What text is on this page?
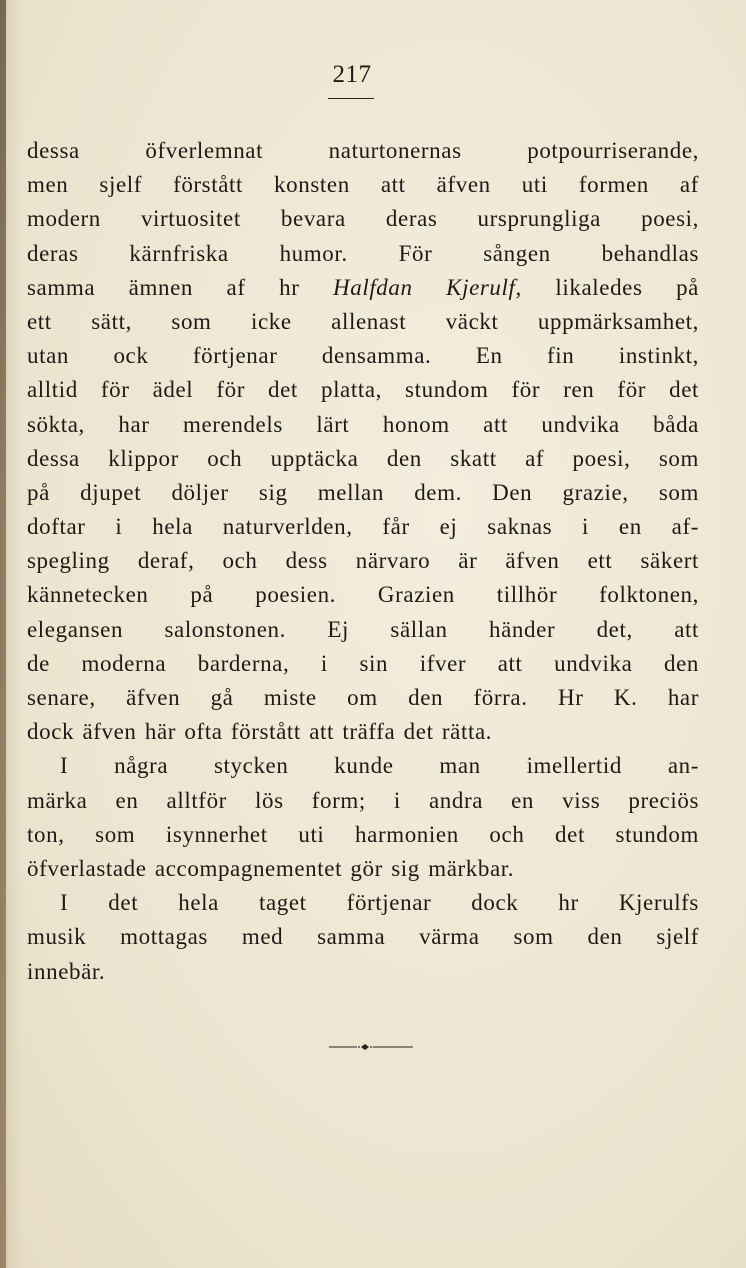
217
dessa öfverlemnat naturtonernas potpourriserande,
men sjelf förstått konsten att äfven uti formen af
modern virtuositet bevara deras ursprungliga poesi,
deras kärnfriska humor. För sången behandlas
samma ämnen af hr Halfdan Kjerulf, likaledes på
ett sätt, som icke allenast väckt uppmärksamhet,
utan ock förtjenar densamma. En fin instinkt,
alltid för ädel för det platta, stundom för ren för det
sökta, har merendels lärt honom att undvika båda
dessa klippor och upptäcka den skatt af poesi, som
på djupet döljer sig mellan dem. Den grazie, som
doftar i hela naturverlden, får ej saknas i en af-
spegling deraf, och dess närvaro är äfven ett säkert
kännetecken på poesien. Grazien tillhör folktonen,
elegansen salonstonen. Ej sällan händer det, att
de moderna barderna, i sin ifver att undvika den
senare, äfven gå miste om den förra. Hr K. har
dock äfven här ofta förstått att träffa det rätta.
I några stycken kunde man imellertid an-
märka en alltför lös form; i andra en viss preciös
ton, som isynnerhet uti harmonien och det stundom
öfverlastade accompagnementet gör sig märkbar.
I det hela taget förtjenar dock hr Kjerulfs
musik mottagas med samma värma som den sjelf
innebär.
